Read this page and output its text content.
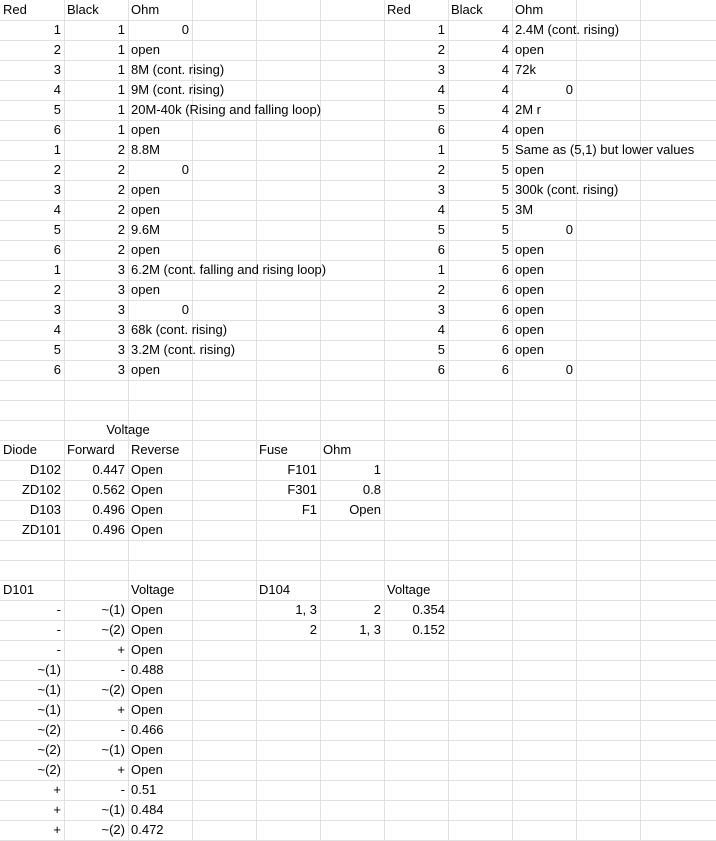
Red	Black	Ohm
1	1	0
2	1 open
3	1 8M (cont. rising)
4	1 9M (cont. rising)
5	1 20M-40k (Rising and falling loop)
6	1 open
1	2 8.8M
2	2	0
3	2 open
4	2 open
5	2 9.6M
6	2 open
1	3 6.2M (cont. falling and rising loop)
2	3 open
3	3	0
4	3 68k (cont. rising)
5	3 3.2M (cont. rising)
6	3 open
Red	Black	Ohm
1	4 2.4M (cont. rising)
2	4 open
3	4 72k
4	4	0
5	4 2M r
6	4 open
1	5 Same as (5,1) but lower values
2	5 open
3	5 300k (cont. rising)
4	5 3M
5	5	0
6	5 open
1	6 open
2	6 open
3	6 open
4	6 open
5	6 open
6	6	0
Voltage
Diode	Forward	Reverse
D102	0.447 Open
ZD102	0.562 Open
D103	0.496 Open
ZD101	0.496 Open
Fuse	Ohm
F101	1
F301	0.8
F1	Open
D101	Voltage
-	~(1) Open
-	~(2) Open
-	+ Open
~(1)	- 0.488
~(1)	~(2) Open
~(1)	+ Open
~(2)	- 0.466
~(2)	~(1) Open
~(2)	+ Open
+	- 0.51
+	~(1) 0.484
+	~(2) 0.472
D104	Voltage
1, 3	2	0.354
2	1, 3	0.152
